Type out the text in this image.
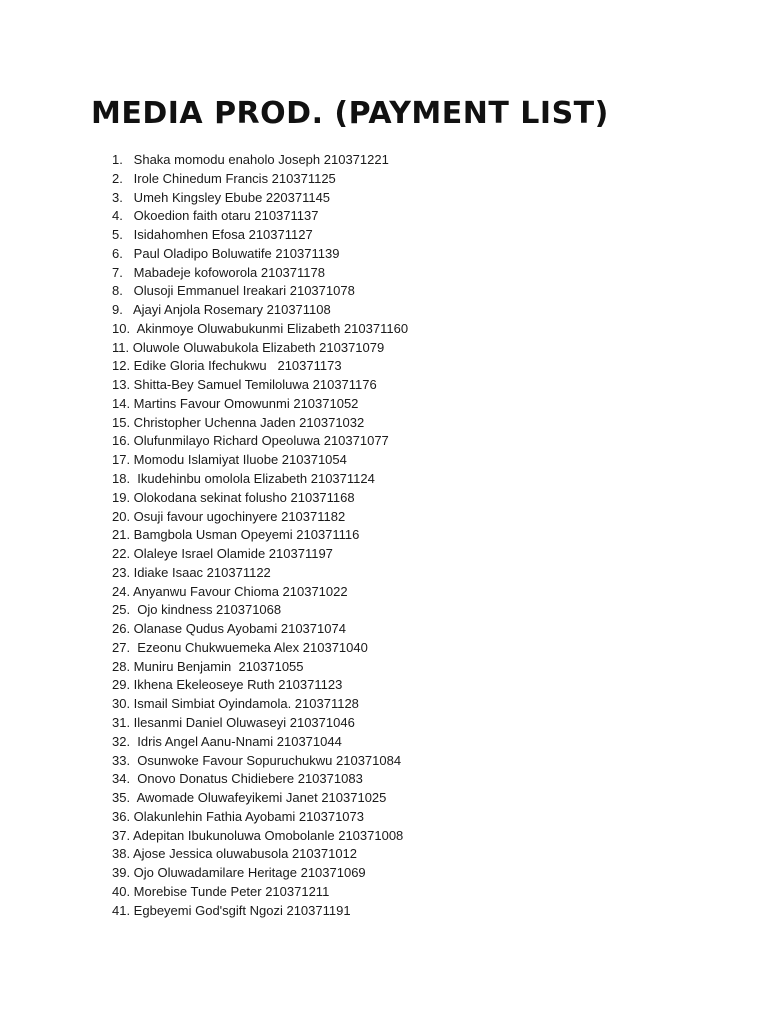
MEDIA PROD. (PAYMENT LIST)
1.   Shaka momodu enaholo Joseph 210371221
2.   Irole Chinedum Francis 210371125
3.   Umeh Kingsley Ebube 220371145
4.   Okoedion faith otaru 210371137
5.   Isidahomhen Efosa 210371127
6.   Paul Oladipo Boluwatife 210371139
7.   Mabadeje kofoworola 210371178
8.   Olusoji Emmanuel Ireakari 210371078
9.   Ajayi Anjola Rosemary 210371108
10.  Akinmoye Oluwabukunmi Elizabeth 210371160
11. Oluwole Oluwabukola Elizabeth 210371079
12. Edike Gloria Ifechukwu   210371173
13. Shitta-Bey Samuel Temiloluwa 210371176
14. Martins Favour Omowunmi 210371052
15. Christopher Uchenna Jaden 210371032
16. Olufunmilayo Richard Opeoluwa 210371077
17. Momodu Islamiyat Iluobe 210371054
18.  Ikudehinbu omolola Elizabeth 210371124
19. Olokodana sekinat folusho 210371168
20. Osuji favour ugochinyere 210371182
21. Bamgbola Usman Opeyemi 210371116
22. Olaleye Israel Olamide 210371197
23. Idiake Isaac 210371122
24. Anyanwu Favour Chioma 210371022
25.  Ojo kindness 210371068
26. Olanase Qudus Ayobami 210371074
27.  Ezeonu Chukwuemeka Alex 210371040
28. Muniru Benjamin  210371055
29. Ikhena Ekeleoseye Ruth 210371123
30. Ismail Simbiat Oyindamola. 210371128
31. Ilesanmi Daniel Oluwaseyi 210371046
32.  Idris Angel Aanu-Nnami 210371044
33.  Osunwoke Favour Sopuruchukwu 210371084
34.  Onovo Donatus Chidiebere 210371083
35.  Awomade Oluwafeyikemi Janet 210371025
36. Olakunlehin Fathia Ayobami 210371073
37. Adepitan Ibukunoluwa Omobolanle 210371008
38. Ajose Jessica oluwabusola 210371012
39. Ojo Oluwadamilare Heritage 210371069
40. Morebise Tunde Peter 210371211
41. Egbeyemi God'sgift Ngozi 210371191
